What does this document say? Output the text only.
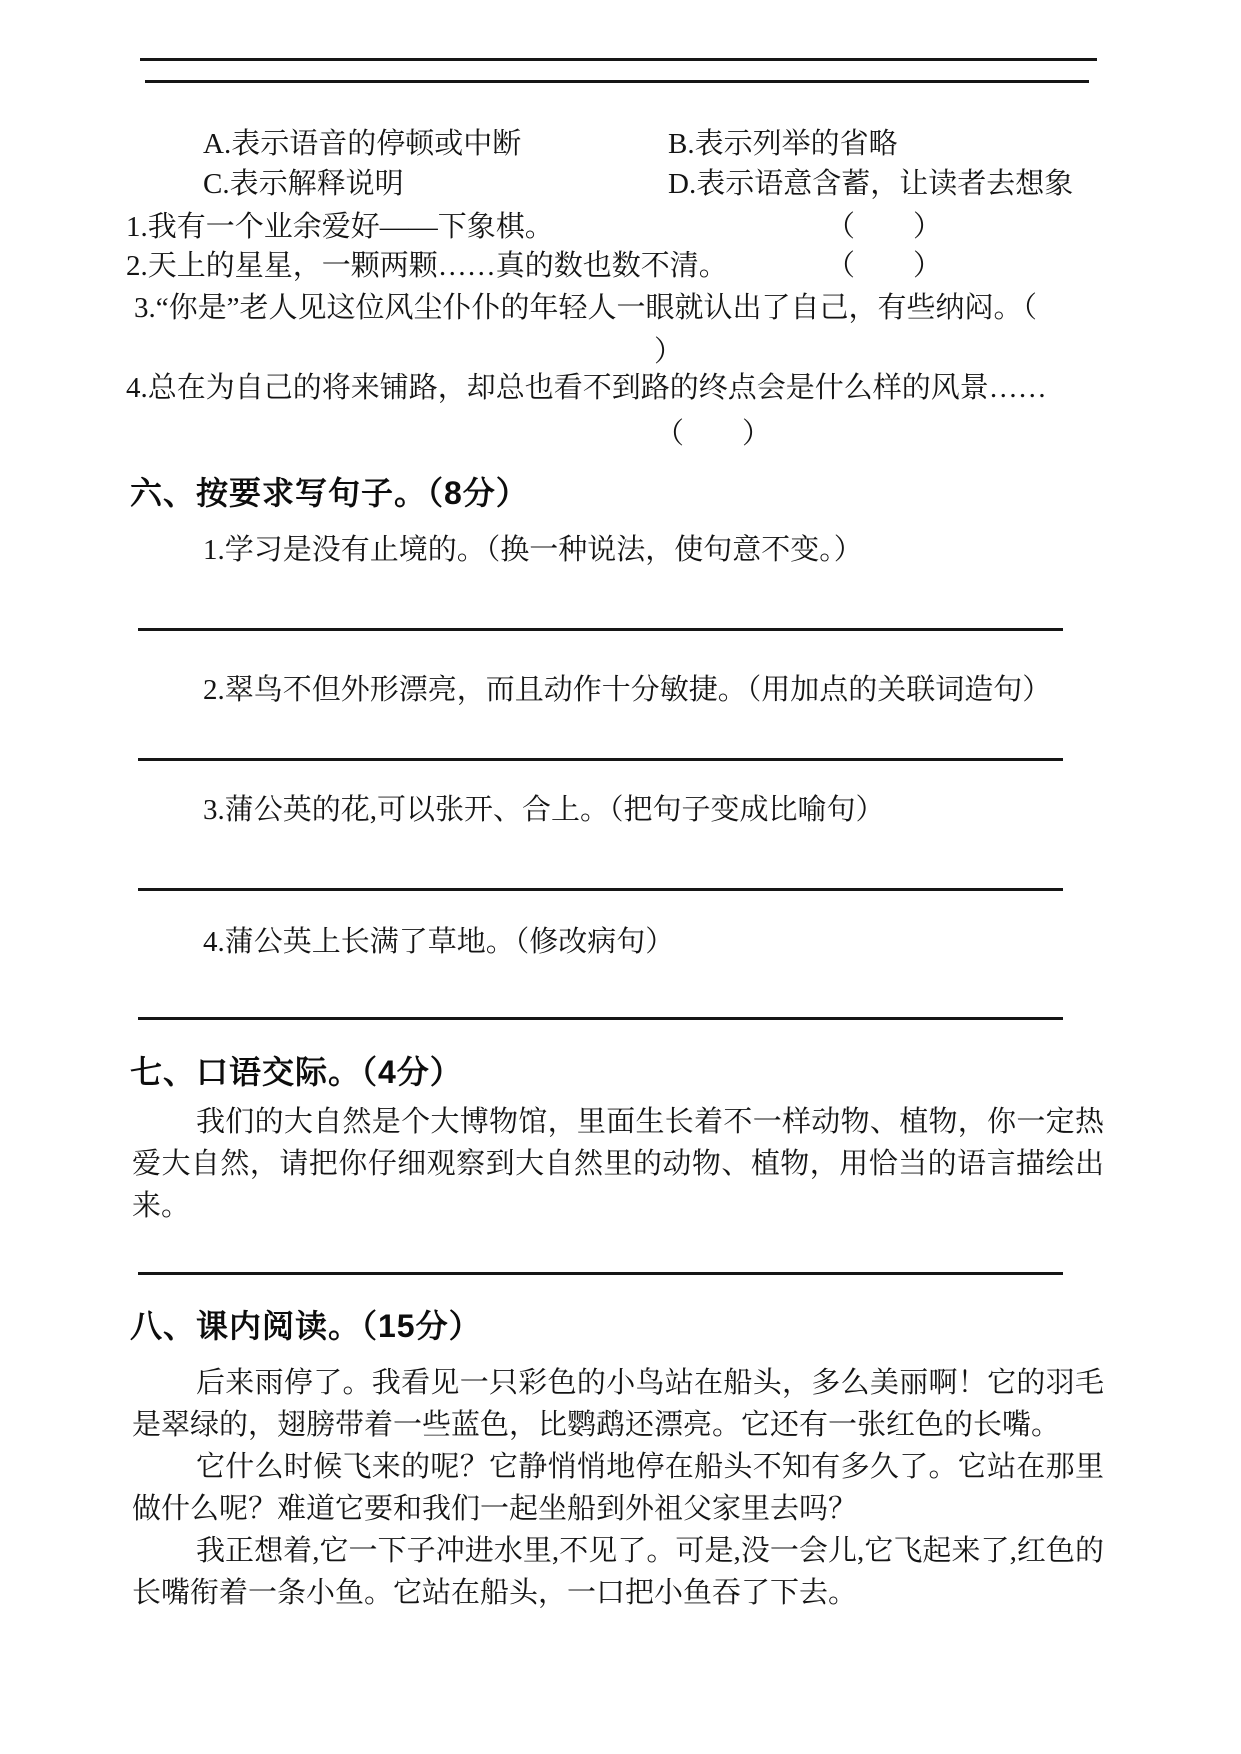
A.表示语音的停顿或中断	B.表示列举的省略
C.表示解释说明	D.表示语意含蓄，让读者去想象
1.我有一个业余爱好——下象棋。	（　　）
2.天上的星星，一颗两颗……真的数也数不清。	（　　）
3.“你是”老人见这位风尘仆仆的年轻人一眼就认出了自己，有些纳闷。（
）
4.总在为自己的将来铺路，却总也看不到路的终点会是什么样的风景……
（　　）
六、按要求写句子。（8分）
1.学习是没有止境的。（换一种说法，使句意不变。）
2.翠鸟不但外形漂亮，而且动作十分敏捷。（用加点的关联词造句）
3.蒲公英的花,可以张开、合上。（把句子变成比喻句）
4.蒲公英上长满了草地。（修改病句）
七、口语交际。（4分）

我们的大自然是个大博物馆，里面生长着不一样动物、植物，你一定热爱大自然，请把你仔细观察到大自然里的动物、植物，用恰当的语言描绘出来。

八、课内阅读。（15分）

后来雨停了。我看见一只彩色的小鸟站在船头，多么美丽啊！它的羽毛是翠绿的，翅膀带着一些蓝色，比鹦鹉还漂亮。它还有一张红色的长嘴。

它什么时候飞来的呢？它静悄悄地停在船头不知有多久了。它站在那里做什么呢？难道它要和我们一起坐船到外祖父家里去吗？

我正想着,它一下子冲进水里,不见了。可是,没一会儿,它飞起来了,红色的长嘴衔着一条小鱼。它站在船头，一口把小鱼吞了下去。
